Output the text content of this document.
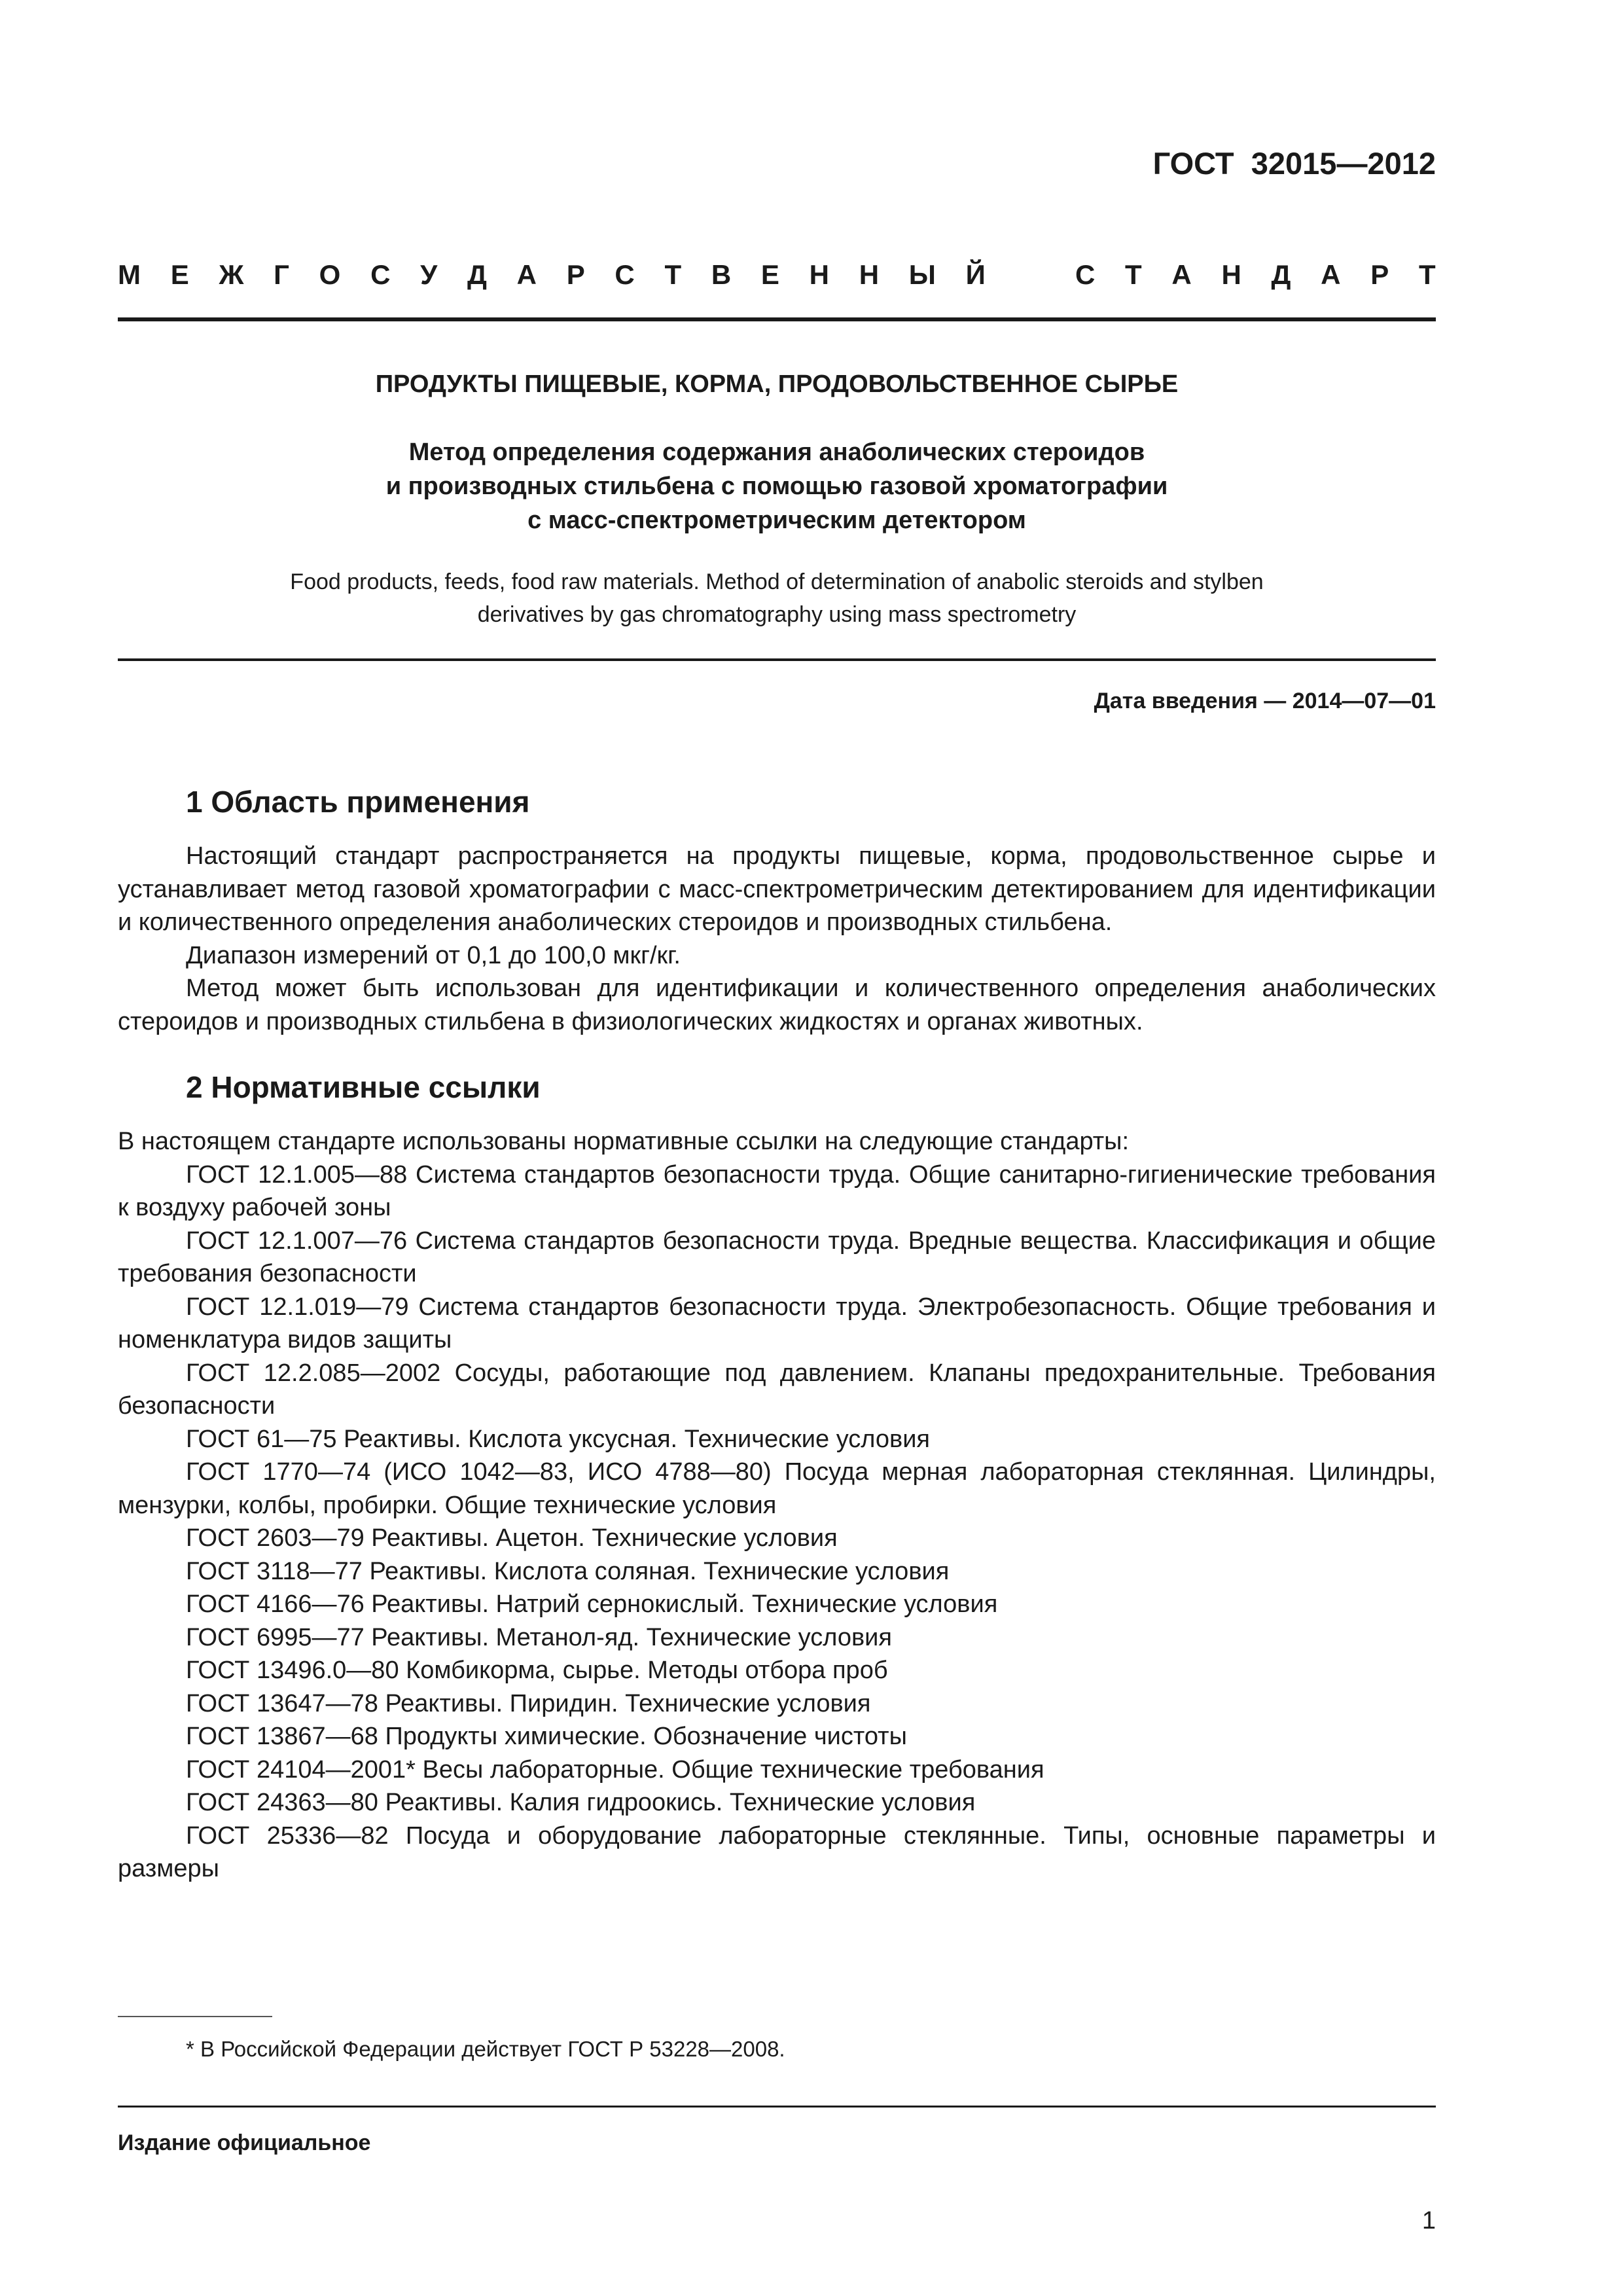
ГОСТ  32015—2012
М Е Ж Г О С У Д А Р С Т В Е Н Н Ы Й	С Т А Н Д А Р Т
ПРОДУКТЫ ПИЩЕВЫЕ, КОРМА, ПРОДОВОЛЬСТВЕННОЕ СЫРЬЕ
Метод определения содержания анаболических стероидов
и производных стильбена с помощью газовой хроматографии
с масс-спектрометрическим детектором
Food products, feeds, food raw materials. Method of determination of anabolic steroids and stylben
derivatives by gas chromatography using mass spectrometry
Дата введения — 2014—07—01
1 Область применения

Настоящий стандарт распространяется на продукты пищевые, корма, продовольственное сырье и устанавливает метод газовой хроматографии с масс-спектрометрическим детектированием для идентификации и количественного определения анаболических стероидов и производных стильбена.

Диапазон измерений от 0,1 до 100,0 мкг/кг.

Метод может быть использован для идентификации и количественного определения анаболических стероидов и производных стильбена в физиологических жидкостях и органах животных.

2 Нормативные ссылки

В настоящем стандарте использованы нормативные ссылки на следующие стандарты:

ГОСТ 12.1.005—88 Система стандартов безопасности труда. Общие санитарно-гигиенические требования к воздуху рабочей зоны

ГОСТ 12.1.007—76 Система стандартов безопасности труда. Вредные вещества. Классификация и общие требования безопасности

ГОСТ 12.1.019—79 Система стандартов безопасности труда. Электробезопасность. Общие требования и номенклатура видов защиты

ГОСТ 12.2.085—2002 Сосуды, работающие под давлением. Клапаны предохранительные. Требования безопасности

ГОСТ 61—75 Реактивы. Кислота уксусная. Технические условия

ГОСТ 1770—74 (ИСО 1042—83, ИСО 4788—80) Посуда мерная лабораторная стеклянная. Цилиндры, мензурки, колбы, пробирки. Общие технические условия

ГОСТ 2603—79 Реактивы. Ацетон. Технические условия

ГОСТ 3118—77 Реактивы. Кислота соляная. Технические условия

ГОСТ 4166—76 Реактивы. Натрий сернокислый. Технические условия

ГОСТ 6995—77 Реактивы. Метанол-яд. Технические условия

ГОСТ 13496.0—80 Комбикорма, сырье. Методы отбора проб

ГОСТ 13647—78 Реактивы. Пиридин. Технические условия

ГОСТ 13867—68 Продукты химические. Обозначение чистоты

ГОСТ 24104—2001* Весы лабораторные. Общие технические требования

ГОСТ 24363—80 Реактивы. Калия гидроокись. Технические условия

ГОСТ 25336—82 Посуда и оборудование лабораторные стеклянные. Типы, основные параметры и размеры

* В Российской Федерации действует ГОСТ Р 53228—2008.
Издание официальное
1
